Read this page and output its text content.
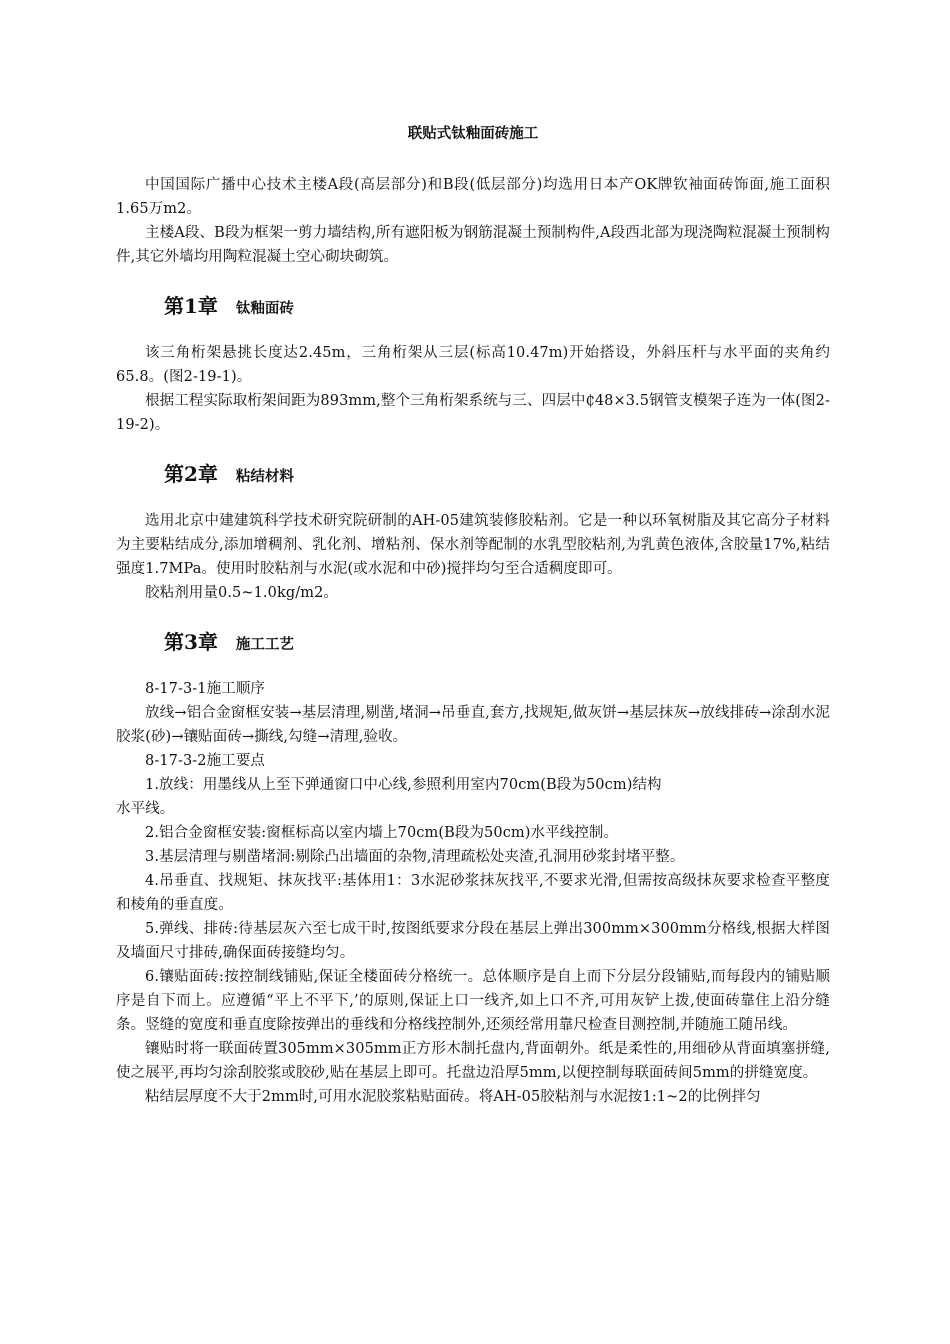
联贴式钛釉面砖施工

中国国际广播中心技术主楼A段(高层部分)和B段(低层部分)均选用日本产OK牌钦袖面砖饰面,施工面积1.65万m2。

主楼A段、B段为框架一剪力墙结构,所有遮阳板为钢筋混凝土预制构件,A段西北部为现浇陶粒混凝土预制构件,其它外墙均用陶粒混凝土空心砌块砌筑。

第1章 钛釉面砖

该三角桁架悬挑长度达2.45m，三角桁架从三层(标高10.47m)开始搭设，外斜压杆与水平面的夹角约65.8。(图2-19-1)。

根据工程实际取桁架间距为893mm,整个三角桁架系统与三、四层中₵48×3.5钢管支模架子连为一体(图2-19-2)。

第2章 粘结材料

选用北京中建建筑科学技术研究院研制的AH-05建筑装修胶粘剂。它是一种以环氧树脂及其它高分子材料为主要粘结成分,添加增稠剂、乳化剂、增粘剂、保水剂等配制的水乳型胶粘剂,为乳黄色液体,含胶量17%,粘结强度1.7MPa。使用时胶粘剂与水泥(或水泥和中砂)搅拌均匀至合适稠度即可。

胶粘剂用量0.5~1.0kg/m2。

第3章 施工工艺

8-17-3-1施工顺序

放线→铝合金窗框安装→基层清理,剔凿,堵洞→吊垂直,套方,找规矩,做灰饼→基层抹灰→放线排砖→涂刮水泥胶浆(砂)→镶贴面砖→撕线,勾缝→清理,验收。

8-17-3-2施工要点

1.放线：用墨线从上至下弹通窗口中心线,参照利用室内70cm(B段为50cm)结构

水平线。

2.铝合金窗框安装:窗框标高以室内墙上70cm(B段为50cm)水平线控制。

3.基层清理与剔凿堵洞:剔除凸出墙面的杂物,清理疏松处夹渣,孔洞用砂浆封堵平整。

4.吊垂直、找规矩、抹灰找平:基体用1：3水泥砂浆抹灰找平,不要求光滑,但需按高级抹灰要求检查平整度和棱角的垂直度。

5.弹线、排砖:待基层灰六至七成干时,按图纸要求分段在基层上弹出300mm×300mm分格线,根据大样图及墙面尺寸排砖,确保面砖接缝均匀。

6.镶贴面砖:按控制线铺贴,保证全楼面砖分格统一。总体顺序是自上而下分层分段铺贴,而每段内的铺贴顺序是自下而上。应遵循“平上不平下,’的原则,保证上口一线齐,如上口不齐,可用灰铲上拨,使面砖靠住上沿分缝条。竖缝的宽度和垂直度除按弹出的垂线和分格线控制外,还须经常用靠尺检查目测控制,并随施工随吊线。

镶贴时将一联面砖置305mm×305mm正方形木制托盘内,背面朝外。纸是柔性的,用细砂从背面填塞拼缝,使之展平,再均匀涂刮胶浆或胶砂,贴在基层上即可。托盘边沿厚5mm,以便控制每联面砖间5mm的拼缝宽度。

粘结层厚度不大于2mm时,可用水泥胶浆粘贴面砖。将AH-05胶粘剂与水泥按1:1~2的比例拌匀
